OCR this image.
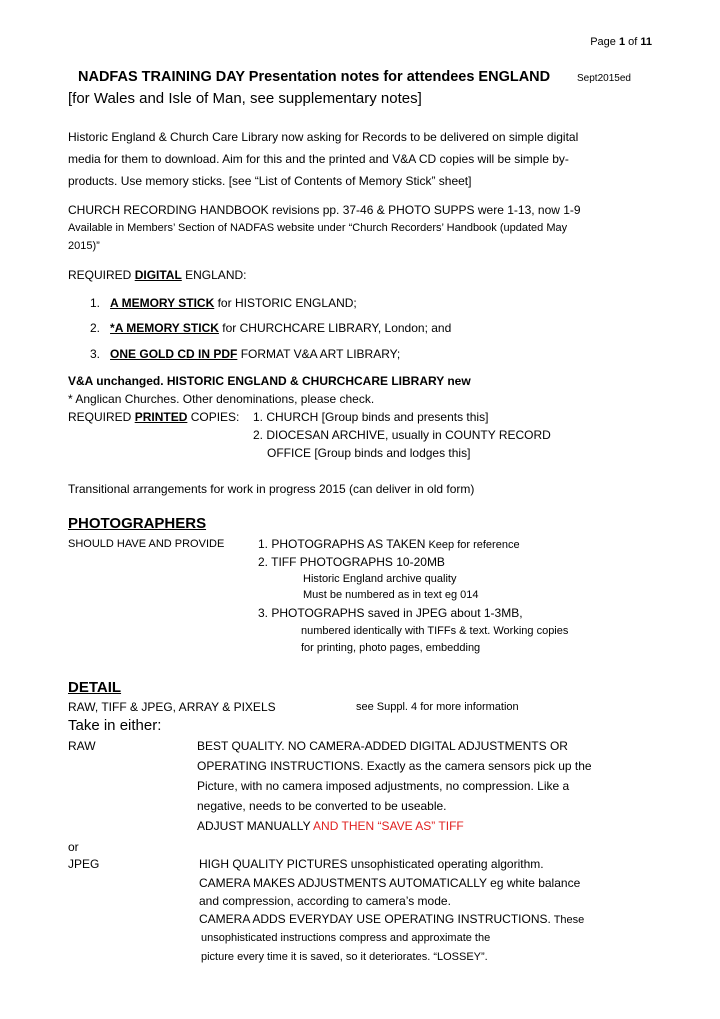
Page 1 of 11
NADFAS TRAINING DAY Presentation notes for attendees ENGLAND	Sept2015ed
[for Wales and Isle of Man, see supplementary notes]
Historic England & Church Care Library now asking for Records to be delivered on simple digital
media for them to download. Aim for this and the printed and V&A CD copies will be simple by-
products. Use memory sticks. [see “List of Contents of Memory Stick” sheet]
CHURCH RECORDING HANDBOOK revisions pp. 37-46 & PHOTO SUPPS were 1-13, now 1-9
Available in Members’ Section of NADFAS website under “Church Recorders’ Handbook (updated May
2015)”
REQUIRED DIGITAL ENGLAND:
1. A MEMORY STICK for HISTORIC ENGLAND;
2. *A MEMORY STICK for CHURCHCARE LIBRARY, London; and
3. ONE GOLD CD IN PDF FORMAT V&A ART LIBRARY;
V&A unchanged. HISTORIC ENGLAND & CHURCHCARE LIBRARY new
* Anglican Churches. Other denominations, please check.
REQUIRED PRINTED COPIES: 1. CHURCH [Group binds and presents this]
2. DIOCESAN ARCHIVE, usually in COUNTY RECORD
OFFICE [Group binds and lodges this]
Transitional arrangements for work in progress 2015 (can deliver in old form)
PHOTOGRAPHERS
SHOULD HAVE AND PROVIDE	1. PHOTOGRAPHS AS TAKEN Keep for reference
2. TIFF PHOTOGRAPHS 10-20MB
Historic England archive quality
Must be numbered as in text eg 014
3. PHOTOGRAPHS saved in JPEG about 1-3MB,
numbered identically with TIFFs & text. Working copies
for printing, photo pages, embedding
DETAIL
RAW, TIFF & JPEG, ARRAY & PIXELS	see Suppl. 4 for more information
Take in either:
RAW	BEST QUALITY. NO CAMERA-ADDED DIGITAL ADJUSTMENTS OR
OPERATING INSTRUCTIONS. Exactly as the camera sensors pick up the
Picture, with no camera imposed adjustments, no compression. Like a
negative, needs to be converted to be useable.
ADJUST MANUALLY AND THEN “SAVE AS” TIFF
or
JPEG	HIGH QUALITY PICTURES unsophisticated operating algorithm.
CAMERA MAKES ADJUSTMENTS AUTOMATICALLY eg white balance
and compression, according to camera’s mode.
CAMERA ADDS EVERYDAY USE OPERATING INSTRUCTIONS. These
unsophisticated instructions compress and approximate the
picture every time it is saved, so it deteriorates. “LOSSEY”.
